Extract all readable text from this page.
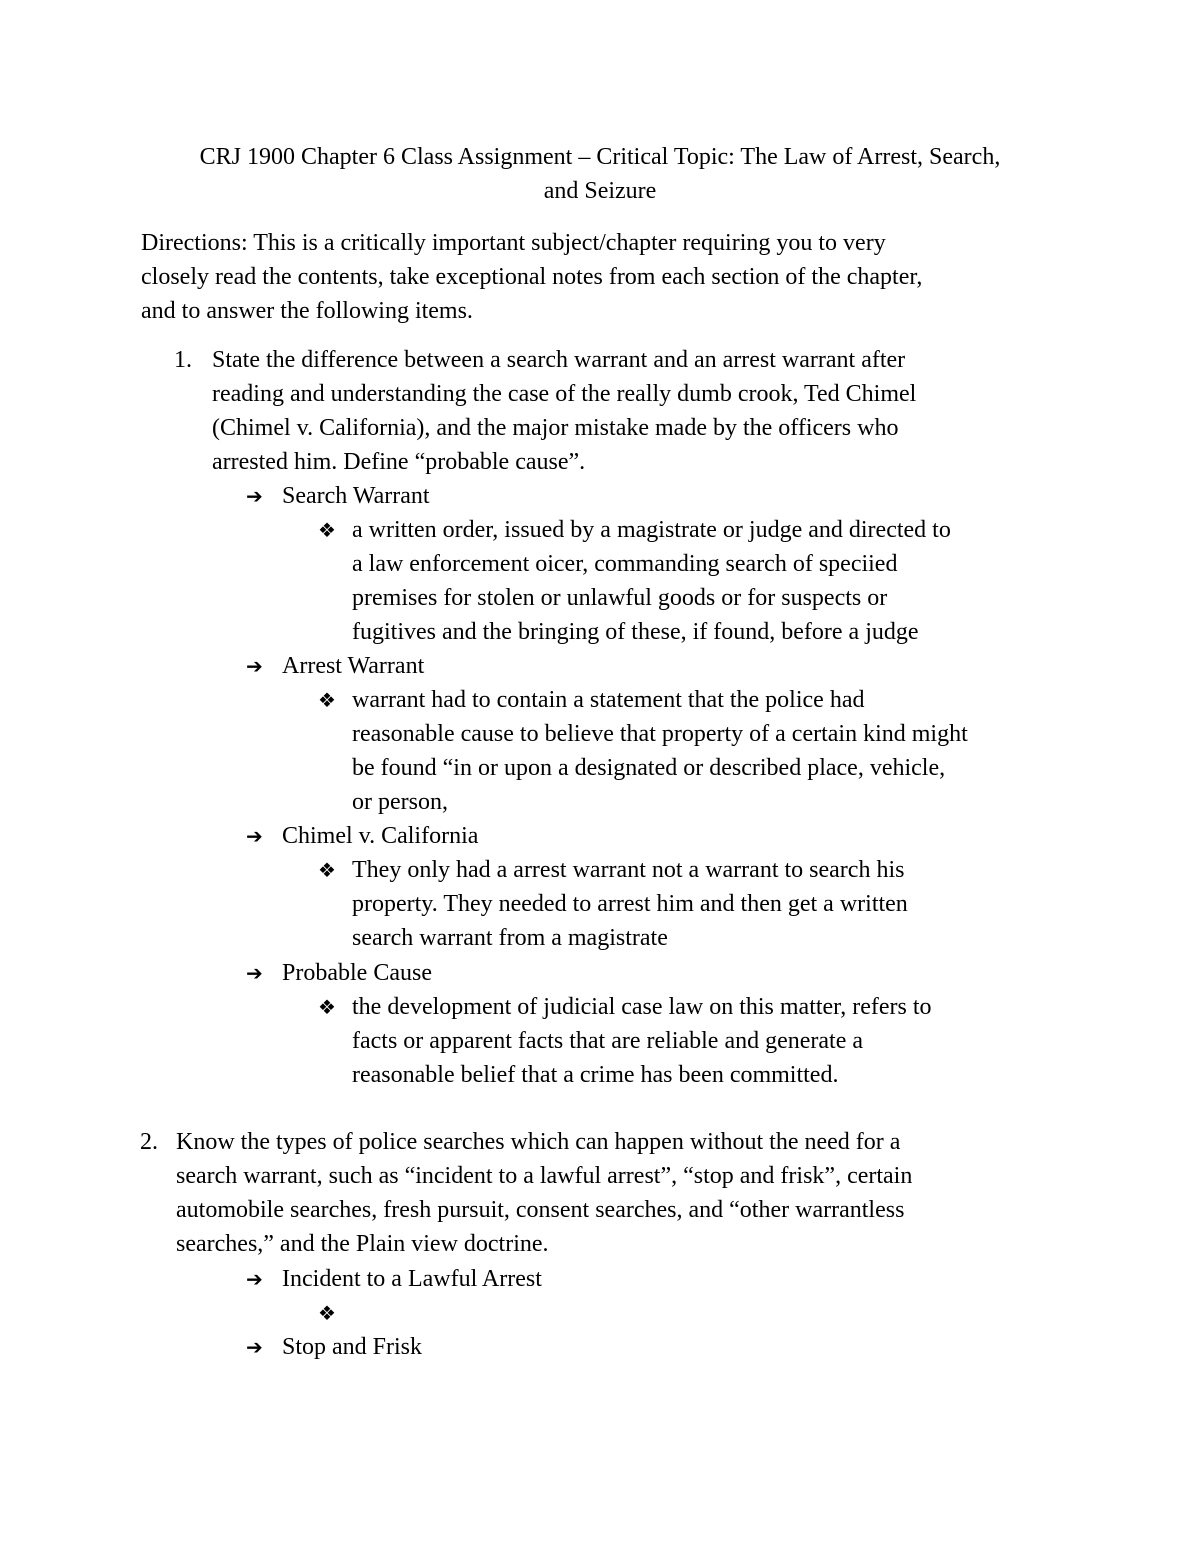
CRJ 1900 Chapter 6 Class Assignment – Critical Topic: The Law of Arrest, Search,
and Seizure

Directions: This is a critically important subject/chapter requiring you to very
closely read the contents, take exceptional notes from each section of the chapter,
and to answer the following items.

1. State the difference between a search warrant and an arrest warrant after
reading and understanding the case of the really dumb crook, Ted Chimel
(Chimel v. California), and the major mistake made by the officers who
arrested him. Define “probable cause”.
➔ Search Warrant
❖ a written order, issued by a magistrate or judge and directed to
a law enforcement oicer, commanding search of speciied
premises for stolen or unlawful goods or for suspects or
fugitives and the bringing of these, if found, before a judge
➔ Arrest Warrant
❖ warrant had to contain a statement that the police had
reasonable cause to believe that property of a certain kind might
be found “in or upon a designated or described place, vehicle,
or person,
➔ Chimel v. California
❖ They only had a arrest warrant not a warrant to search his
property. They needed to arrest him and then get a written
search warrant from a magistrate
➔ Probable Cause
❖ the development of judicial case law on this matter, refers to
facts or apparent facts that are reliable and generate a
reasonable belief that a crime has been committed.
2. Know the types of police searches which can happen without the need for a
search warrant, such as “incident to a lawful arrest”, “stop and frisk”, certain
automobile searches, fresh pursuit, consent searches, and “other warrantless
searches,” and the Plain view doctrine.
➔ Incident to a Lawful Arrest
❖

➔ Stop and Frisk
